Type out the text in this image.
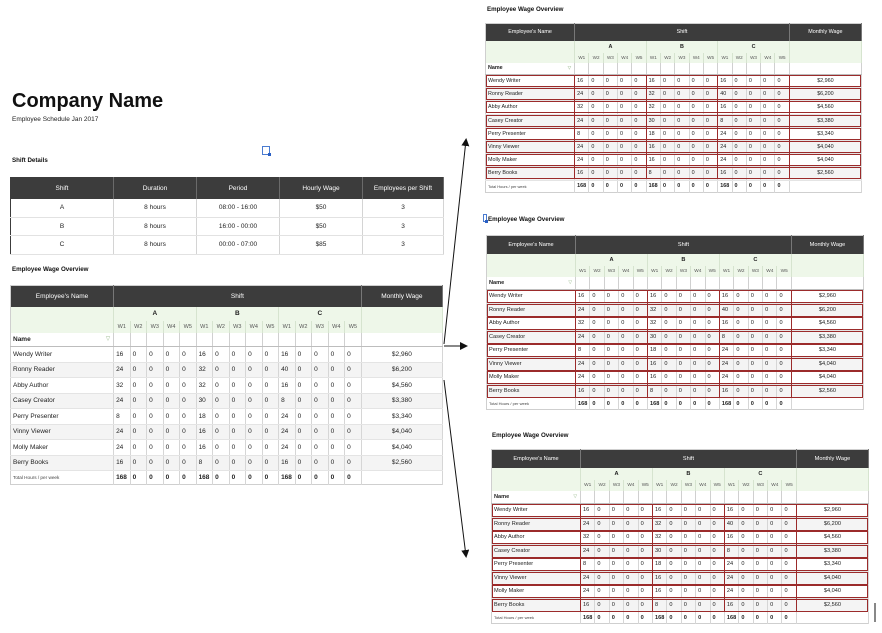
Company Name
Employee Schedule Jan 2017
Shift Details
Shift	Duration	Period	Hourly Wage	Employees per Shift
A	8 hours	08:00 - 16:00	$50	3
B	8 hours	16:00 - 00:00	$50	3
C	8 hours	00:00 - 07:00	$85	3
Employee Wage Overview
Employee Wage Overview
Employee Wage Overview
Employee Wage Overview
Employee's Name	Shift															Monthly Wage
	A					B					C					
	W1	W2	W3	W4	W5	W1	W2	W3	W4	W5	W1	W2	W3	W4	W5	
Name ▽																

Wendy Writer	16	0	0	0	0	16	0	0	0	0	16	0	0	0	0	$2,960
Ronny Reader	24	0	0	0	0	32	0	0	0	0	40	0	0	0	0	$6,200
Abby Author	32	0	0	0	0	32	0	0	0	0	16	0	0	0	0	$4,560
Casey Creator	24	0	0	0	0	30	0	0	0	0	8	0	0	0	0	$3,380
Perry Presenter	8	0	0	0	0	18	0	0	0	0	24	0	0	0	0	$3,340
Vinny Viewer	24	0	0	0	0	16	0	0	0	0	24	0	0	0	0	$4,040
Molly Maker	24	0	0	0	0	16	0	0	0	0	24	0	0	0	0	$4,040
Berry Books	16	0	0	0	0	8	0	0	0	0	16	0	0	0	0	$2,560
Total Hours / per week	168	0	0	0	0	168	0	0	0	0	168	0	0	0	0	
Employee's Name	Shift															Monthly Wage
	A					B					C					
	W1	W2	W3	W4	W5	W1	W2	W3	W4	W5	W1	W2	W3	W4	W5	
Name ▽																

Wendy Writer	16	0	0	0	0	16	0	0	0	0	16	0	0	0	0	$2,960
Ronny Reader	24	0	0	0	0	32	0	0	0	0	40	0	0	0	0	$6,200
Abby Author	32	0	0	0	0	32	0	0	0	0	16	0	0	0	0	$4,560
Casey Creator	24	0	0	0	0	30	0	0	0	0	8	0	0	0	0	$3,380
Perry Presenter	8	0	0	0	0	18	0	0	0	0	24	0	0	0	0	$3,340
Vinny Viewer	24	0	0	0	0	16	0	0	0	0	24	0	0	0	0	$4,040
Molly Maker	24	0	0	0	0	16	0	0	0	0	24	0	0	0	0	$4,040
Berry Books	16	0	0	0	0	8	0	0	0	0	16	0	0	0	0	$2,560
Total Hours / per week	168	0	0	0	0	168	0	0	0	0	168	0	0	0	0	
Employee's Name	Shift															Monthly Wage
	A					B					C					
	W1	W2	W3	W4	W5	W1	W2	W3	W4	W5	W1	W2	W3	W4	W5	
Name ▽																

Wendy Writer	16	0	0	0	0	16	0	0	0	0	16	0	0	0	0	$2,960
Ronny Reader	24	0	0	0	0	32	0	0	0	0	40	0	0	0	0	$6,200
Abby Author	32	0	0	0	0	32	0	0	0	0	16	0	0	0	0	$4,560
Casey Creator	24	0	0	0	0	30	0	0	0	0	8	0	0	0	0	$3,380
Perry Presenter	8	0	0	0	0	18	0	0	0	0	24	0	0	0	0	$3,340
Vinny Viewer	24	0	0	0	0	16	0	0	0	0	24	0	0	0	0	$4,040
Molly Maker	24	0	0	0	0	16	0	0	0	0	24	0	0	0	0	$4,040
Berry Books	16	0	0	0	0	8	0	0	0	0	16	0	0	0	0	$2,560
Total Hours / per week	168	0	0	0	0	168	0	0	0	0	168	0	0	0	0	
Employee's Name	Shift															Monthly Wage
	A					B					C					
	W1	W2	W3	W4	W5	W1	W2	W3	W4	W5	W1	W2	W3	W4	W5	
Name ▽																

Wendy Writer	16	0	0	0	0	16	0	0	0	0	16	0	0	0	0	$2,960
Ronny Reader	24	0	0	0	0	32	0	0	0	0	40	0	0	0	0	$6,200
Abby Author	32	0	0	0	0	32	0	0	0	0	16	0	0	0	0	$4,560
Casey Creator	24	0	0	0	0	30	0	0	0	0	8	0	0	0	0	$3,380
Perry Presenter	8	0	0	0	0	18	0	0	0	0	24	0	0	0	0	$3,340
Vinny Viewer	24	0	0	0	0	16	0	0	0	0	24	0	0	0	0	$4,040
Molly Maker	24	0	0	0	0	16	0	0	0	0	24	0	0	0	0	$4,040
Berry Books	16	0	0	0	0	8	0	0	0	0	16	0	0	0	0	$2,560
Total Hours / per week	168	0	0	0	0	168	0	0	0	0	168	0	0	0	0	
